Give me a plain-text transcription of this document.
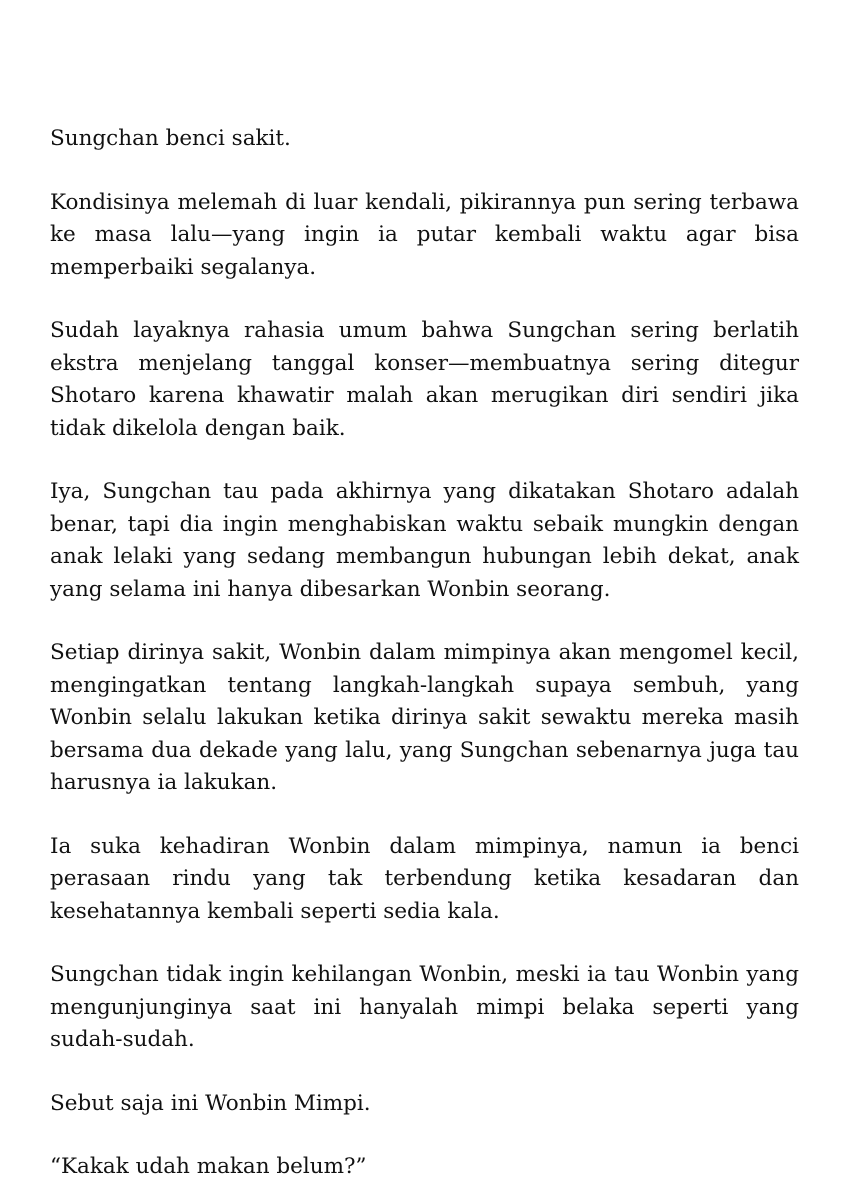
Sungchan benci sakit.

Kondisinya melemah di luar kendali, pikirannya pun sering terbawa ke masa lalu—yang ingin ia putar kembali waktu agar bisa memperbaiki segalanya.

Sudah layaknya rahasia umum bahwa Sungchan sering berlatih ekstra menjelang tanggal konser—membuatnya sering ditegur Shotaro karena khawatir malah akan merugikan diri sendiri jika tidak dikelola dengan baik.

Iya, Sungchan tau pada akhirnya yang dikatakan Shotaro adalah benar, tapi dia ingin menghabiskan waktu sebaik mungkin dengan anak lelaki yang sedang membangun hubungan lebih dekat, anak yang selama ini hanya dibesarkan Wonbin seorang.

Setiap dirinya sakit, Wonbin dalam mimpinya akan mengomel kecil, mengingatkan tentang langkah-langkah supaya sembuh, yang Wonbin selalu lakukan ketika dirinya sakit sewaktu mereka masih bersama dua dekade yang lalu, yang Sungchan sebenarnya juga tau harusnya ia lakukan.

Ia suka kehadiran Wonbin dalam mimpinya, namun ia benci perasaan rindu yang tak terbendung ketika kesadaran dan kesehatannya kembali seperti sedia kala.

Sungchan tidak ingin kehilangan Wonbin, meski ia tau Wonbin yang mengunjunginya saat ini hanyalah mimpi belaka seperti yang sudah-sudah.

Sebut saja ini Wonbin Mimpi.

“Kakak udah makan belum?”
